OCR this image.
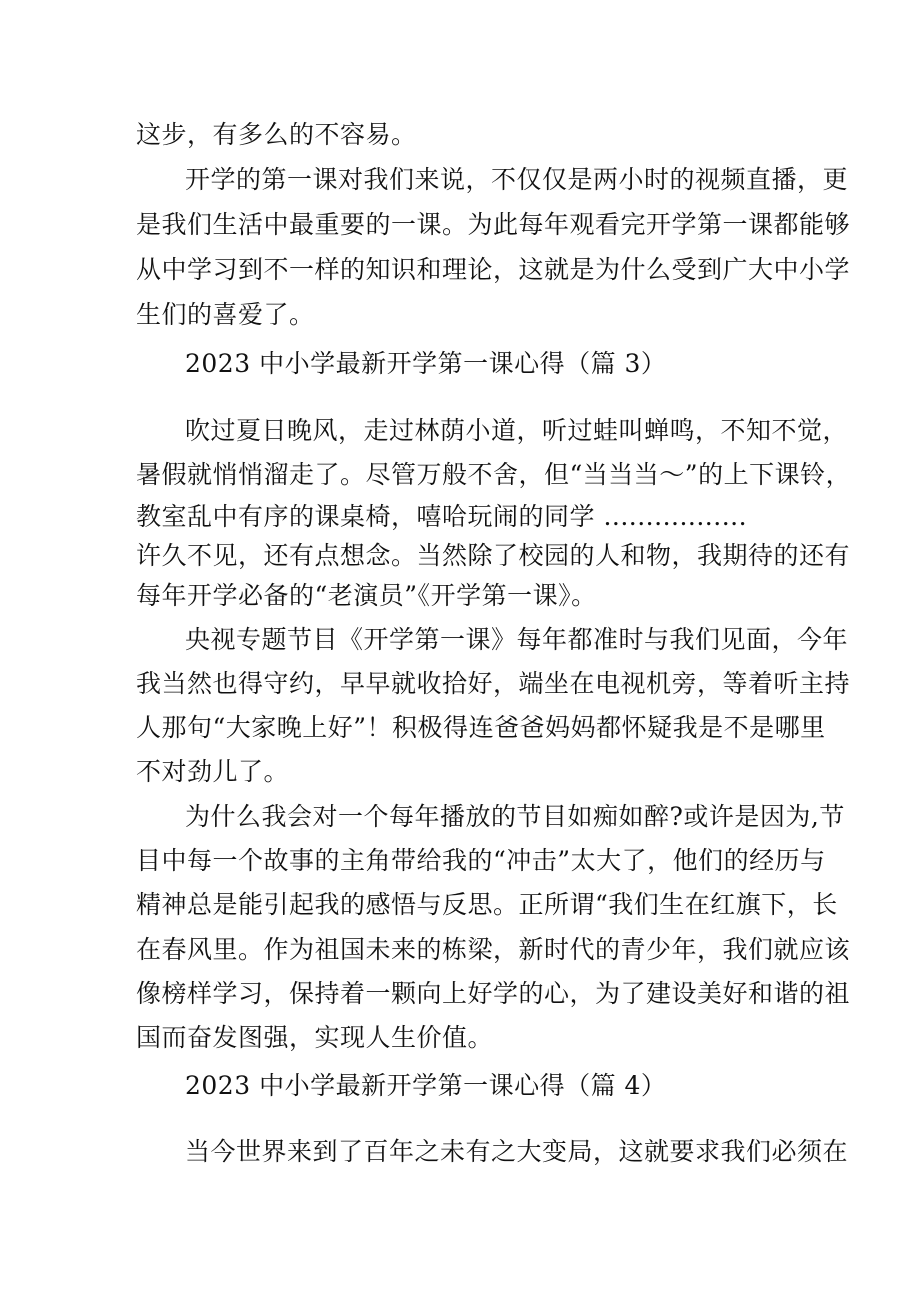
这步，有多么的不容易。
开学的第一课对我们来说，不仅仅是两小时的视频直播，更
是我们生活中最重要的一课。为此每年观看完开学第一课都能够
从中学习到不一样的知识和理论，这就是为什么受到广大中小学
生们的喜爱了。
2023 中小学最新开学第一课心得（篇 3）
吹过夏日晚风，走过林荫小道，听过蛙叫蝉鸣，不知不觉，
暑假就悄悄溜走了。尽管万般不舍，但“当当当～”的上下课铃，
教室乱中有序的课桌椅，嘻哈玩闹的同学 .................
许久不见，还有点想念。当然除了校园的人和物，我期待的还有
每年开学必备的“老演员”《开学第一课》。
央视专题节目《开学第一课》每年都准时与我们见面，今年
我当然也得守约，早早就收拾好，端坐在电视机旁，等着听主持
人那句“大家晚上好”！积极得连爸爸妈妈都怀疑我是不是哪里
不对劲儿了。
为什么我会对一个每年播放的节目如痴如醉?或许是因为,节
目中每一个故事的主角带给我的“冲击”太大了，他们的经历与
精神总是能引起我的感悟与反思。正所谓“我们生在红旗下，长
在春风里。作为祖国未来的栋梁，新时代的青少年，我们就应该
像榜样学习，保持着一颗向上好学的心，为了建设美好和谐的祖
国而奋发图强，实现人生价值。
2023 中小学最新开学第一课心得（篇 4）
当今世界来到了百年之未有之大变局，这就要求我们必须在
